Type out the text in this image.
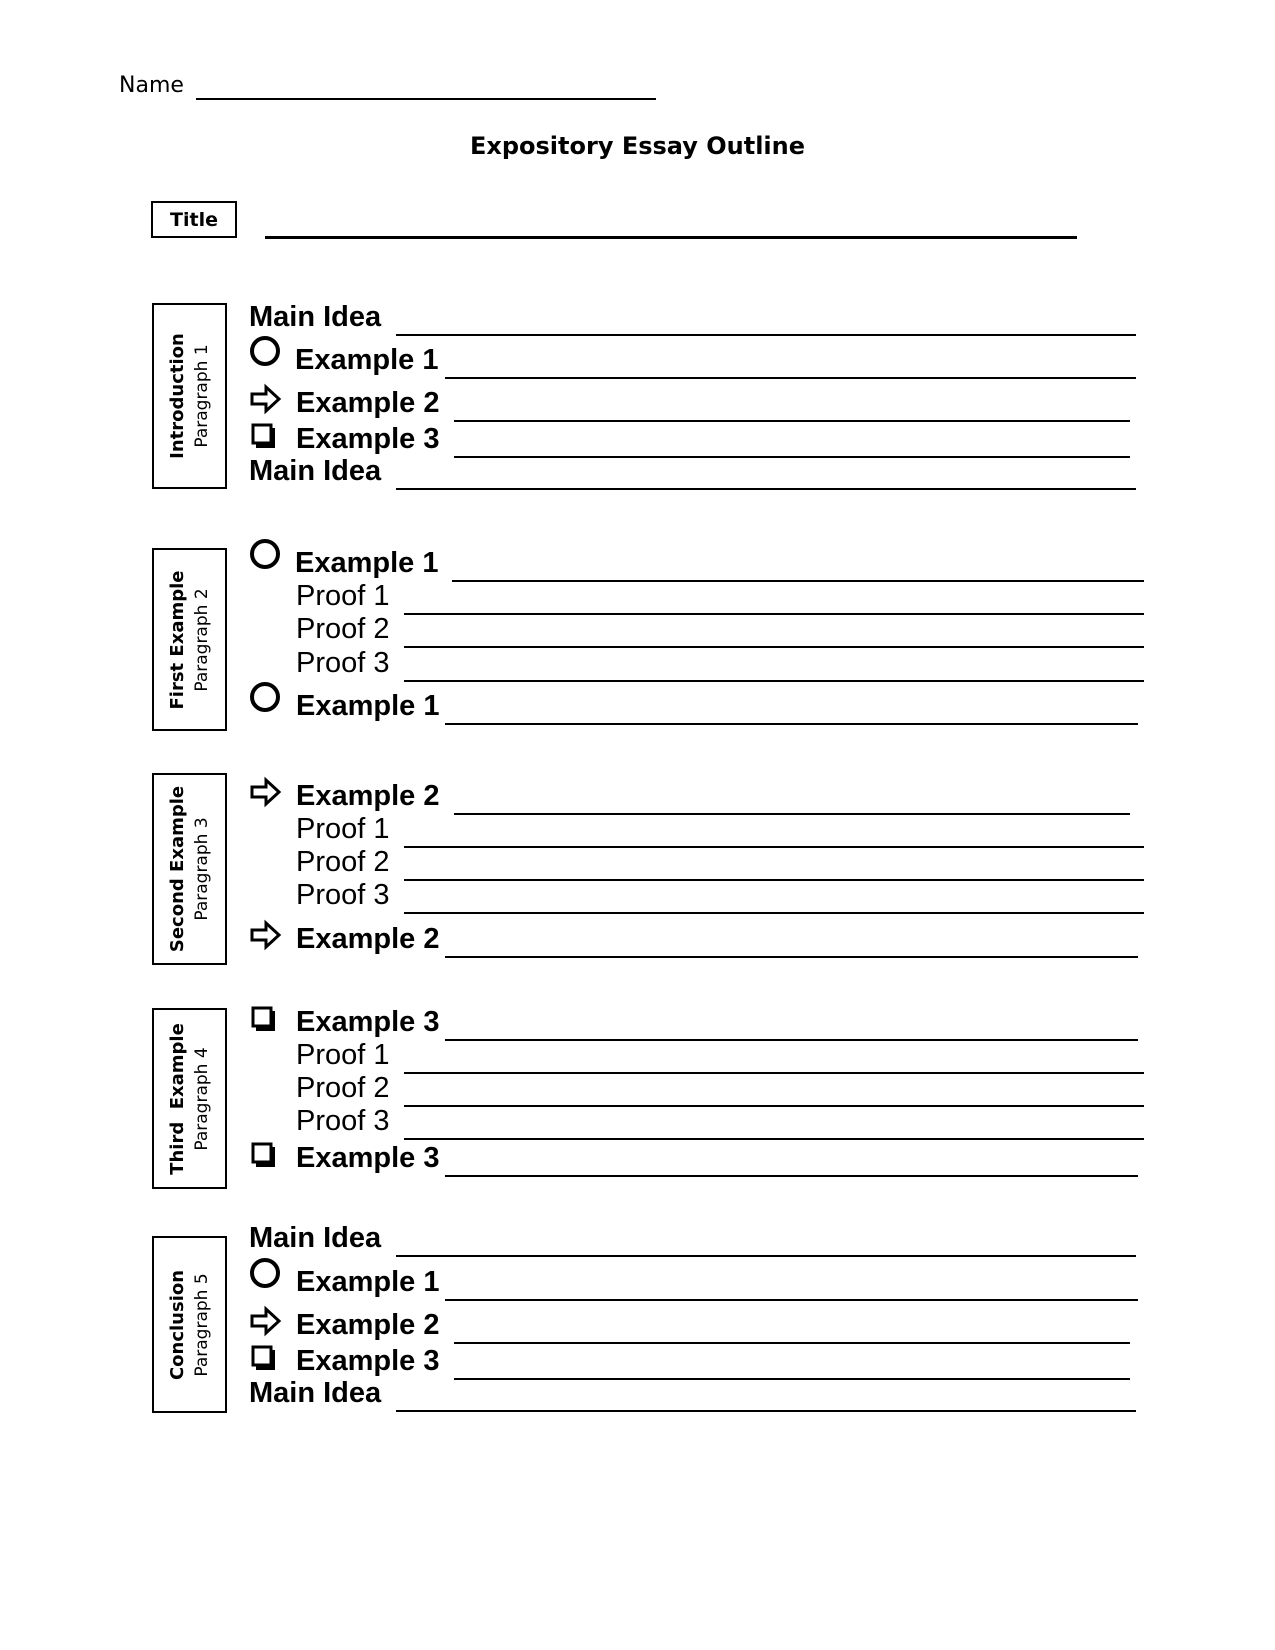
Name
Expository Essay Outline
Title
Introduction Paragraph 1
Main Idea
Example 1
Example 2
Example 3
Main Idea
First Example Paragraph 2
Example 1
Proof 1
Proof 2
Proof 3
Example 1
Second Example Paragraph 3
Example 2
Proof 1
Proof 2
Proof 3
Example 2
Third  Example Paragraph 4
Example 3
Proof 1
Proof 2
Proof 3
Example 3
Conclusion Paragraph 5
Main Idea
Example 1
Example 2
Example 3
Main Idea
